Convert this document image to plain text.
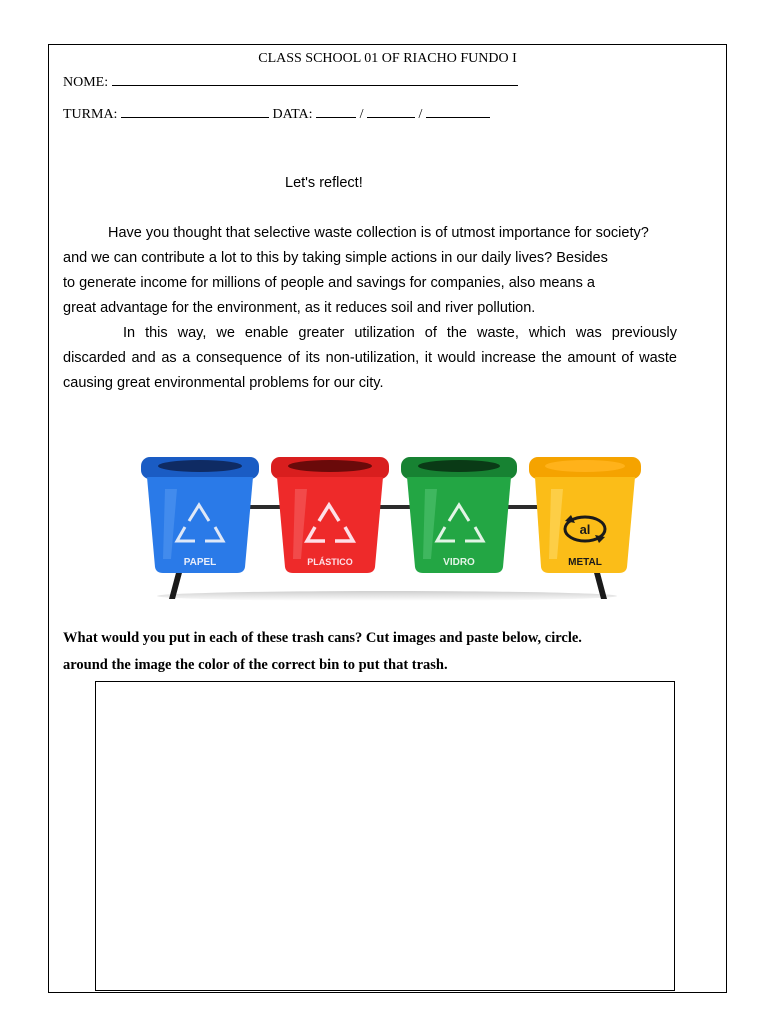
CLASS SCHOOL 01 OF RIACHO FUNDO I
NOME:
TURMA:	DATA:	/	/
Let's reflect!
Have you thought that selective waste collection is of utmost importance for society?
and we can contribute a lot to this by taking simple actions in our daily lives? Besides
to generate income for millions of people and savings for companies, also means a
great advantage for the environment, as it reduces soil and river pollution.
In this way, we enable greater utilization of the waste, which was previously
discarded and as a consequence of its non-utilization, it would increase the amount of waste
causing great environmental problems for our city.
PAPEL	PLÁSTICO	VIDRO
al
METAL
What would you put in each of these trash cans? Cut images and paste below, circle.
around the image the color of the correct bin to put that trash.
